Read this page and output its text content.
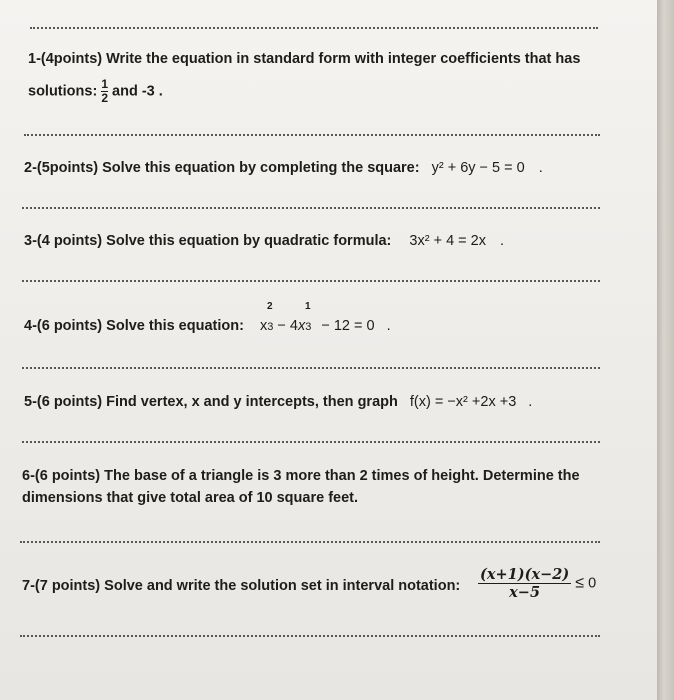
1-(4points) Write the equation in standard form with integer coefficients that has
solutions: $\frac{1}{2}$ and -3 .
2-(5points) Solve this equation by completing the square: y² + 6y − 5 = 0 .
3-(4 points) Solve this equation by quadratic formula: 3x² + 4 = 2x .
4-(6 points) Solve this equation: x
2
3 − 4x
1
3 − 12 = 0 .
5-(6 points) Find vertex, x and y intercepts, then graph f(x) = −x² +2x +3 .
6-(6 points) The base of a triangle is 3 more than 2 times of height. Determine the
dimensions that give total area of 10 square feet.
7-(7 points) Solve and write the solution set in interval notation: $\frac{(x+1)(x-2)}{x-5} \le 0$
